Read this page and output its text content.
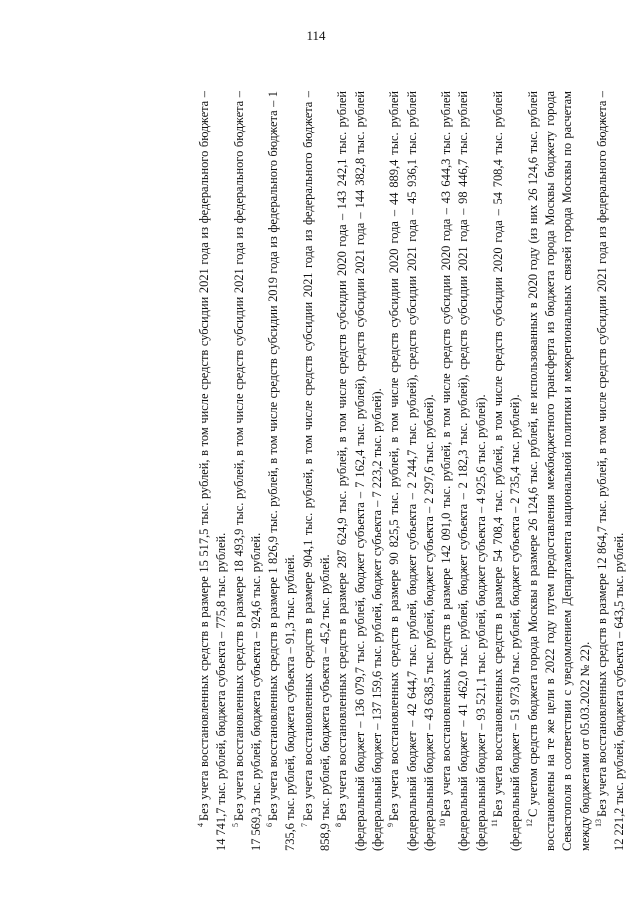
114

$^4$Без учета восстановленных средств в размере 15 517,5 тыс. рублей, в том числе средств субсидии 2021 года из федерального бюджета – 14 741,7 тыс. рублей, бюджета субъекта – 775,8 тыс. рублей. $^5$Без учета восстановленных средств в размере 18 493,9 тыс. рублей, в том числе средств субсидии 2021 года из федерального бюджета – 17 569,3 тыс. рублей, бюджета субъекта – 924,6 тыс. рублей. $^6$Без учета восстановленных средств в размере 1 826,9 тыс. рублей, в том числе средств субсидии 2019 года из федерального бюджета – 1 735,6 тыс. рублей, бюджета субъекта – 91,3 тыс. рублей. $^7$Без учета восстановленных средств в размере 904,1 тыс. рублей, в том числе средств субсидии 2021 года из федерального бюджета – 858,9 тыс. рублей, бюджета субъекта – 45,2 тыс. рублей. $^8$Без учета восстановленных средств в размере 287 624,9 тыс. рублей, в том числе средств субсидии 2020 года – 143 242,1 тыс. рублей (федеральный бюджет – 136 079,7 тыс. рублей, бюджет субъекта – 7 162,4 тыс. рублей), средств субсидии 2021 года – 144 382,8 тыс. рублей (федеральный бюджет – 137 159,6 тыс. рублей, бюджет субъекта – 7 223,2 тыс. рублей). $^9$Без учета восстановленных средств в размере 90 825,5 тыс. рублей, в том числе средств субсидии 2020 года – 44 889,4 тыс. рублей (федеральный бюджет – 42 644,7 тыс. рублей, бюджет субъекта – 2 244,7 тыс. рублей), средств субсидии 2021 года – 45 936,1 тыс. рублей (федеральный бюджет – 43 638,5 тыс. рублей, бюджет субъекта – 2 297,6 тыс. рублей). $^{10}$Без учета восстановленных средств в размере 142 091,0 тыс. рублей, в том числе средств субсидии 2020 года – 43 644,3 тыс. рублей (федеральный бюджет – 41 462,0 тыс. рублей, бюджет субъекта – 2 182,3 тыс. рублей), средств субсидии 2021 года – 98 446,7 тыс. рублей (федеральный бюджет – 93 521,1 тыс. рублей, бюджет субъекта – 4 925,6 тыс. рублей). $^{11}$Без учета восстановленных средств в размере 54 708,4 тыс. рублей, в том числе средств субсидии 2020 года – 54 708,4 тыс. рублей (федеральный бюджет – 51 973,0 тыс. рублей, бюджет субъекта – 2 735,4 тыс. рублей). $^{12}$С учетом средств бюджета города Москвы в размере 26 124,6 тыс. рублей, не использованных в 2020 году (из них 26 124,6 тыс. рублей восстановлены на те же цели в 2022 году путем предоставления межбюджетного трансферта из бюджета города Москвы бюджету города Севастополя в соответствии с уведомлением Департамента национальной политики и межрегиональных связей города Москвы по расчетам между бюджетами от 05.03.2022 № 22). $^{13}$Без учета восстановленных средств в размере 12 864,7 тыс. рублей, в том числе средств субсидии 2021 года из федерального бюджета – 12 221,2 тыс. рублей, бюджета субъекта – 643,5 тыс. рублей.
